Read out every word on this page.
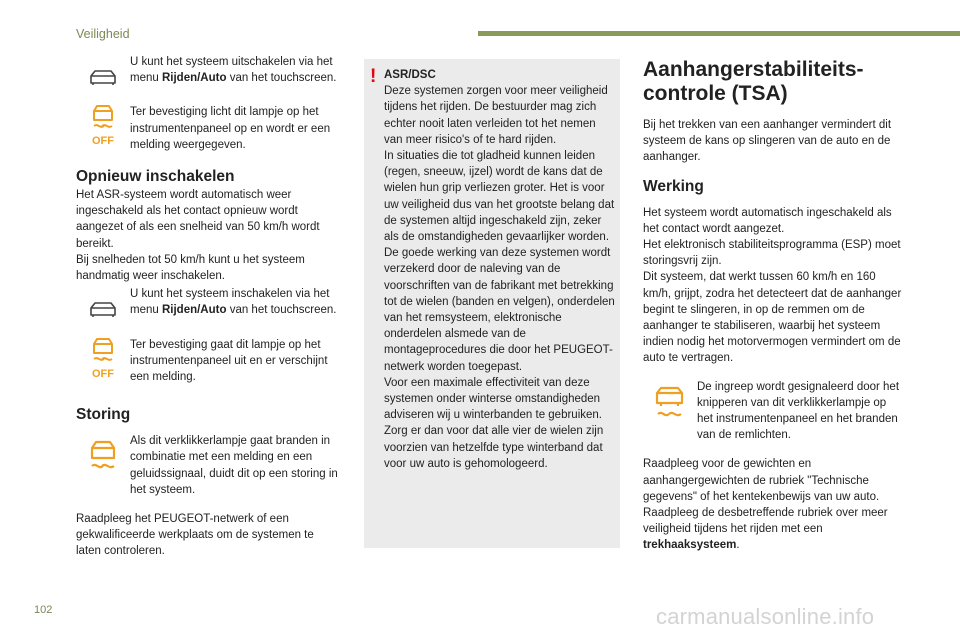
Veiligheid

U kunt het systeem uitschakelen via het menu Rijden/Auto van het touchscreen.

OFF

Ter bevestiging licht dit lampje op het instrumentenpaneel op en wordt er een melding weergegeven.

Opnieuw inschakelen

Het ASR-systeem wordt automatisch weer ingeschakeld als het contact opnieuw wordt aangezet of als een snelheid van 50 km/h wordt bereikt.
Bij snelheden tot 50 km/h kunt u het systeem handmatig weer inschakelen.

U kunt het systeem inschakelen via het menu Rijden/Auto van het touchscreen.

OFF

Ter bevestiging gaat dit lampje op het instrumentenpaneel uit en er verschijnt een melding.

Storing

Als dit verklikkerlampje gaat branden in combinatie met een melding en een geluidssignaal, duidt dit op een storing in het systeem.

Raadpleeg het PEUGEOT-netwerk of een gekwalificeerde werkplaats om de systemen te laten controleren.

! ASR/DSC

Deze systemen zorgen voor meer veiligheid tijdens het rijden. De bestuurder mag zich echter nooit laten verleiden tot het nemen van meer risico's of te hard rijden.
In situaties die tot gladheid kunnen leiden (regen, sneeuw, ijzel) wordt de kans dat de wielen hun grip verliezen groter. Het is voor uw veiligheid dus van het grootste belang dat de systemen altijd ingeschakeld zijn, zeker als de omstandigheden gevaarlijker worden.
De goede werking van deze systemen wordt verzekerd door de naleving van de voorschriften van de fabrikant met betrekking tot de wielen (banden en velgen), onderdelen van het remsysteem, elektronische onderdelen alsmede van de montageprocedures die door het PEUGEOT-netwerk worden toegepast.
Voor een maximale effectiviteit van deze systemen onder winterse omstandigheden adviseren wij u winterbanden te gebruiken.
Zorg er dan voor dat alle vier de wielen zijn voorzien van hetzelfde type winterband dat voor uw auto is gehomologeerd.

Aanhangerstabiliteits-
controle (TSA)

Bij het trekken van een aanhanger vermindert dit systeem de kans op slingeren van de auto en de aanhanger.

Werking

Het systeem wordt automatisch ingeschakeld als het contact wordt aangezet.
Het elektronisch stabiliteitsprogramma (ESP) moet storingsvrij zijn.
Dit systeem, dat werkt tussen 60 km/h en 160 km/h, grijpt, zodra het detecteert dat de aanhanger begint te slingeren, in op de remmen om de aanhanger te stabiliseren, waarbij het systeem indien nodig het motorvermogen vermindert om de auto te vertragen.

De ingreep wordt gesignaleerd door het knipperen van dit verklikkerlampje op het instrumentenpaneel en het branden van de remlichten.

Raadpleeg voor de gewichten en aanhangergewichten de rubriek "Technische gegevens" of het kentekenbewijs van uw auto.
Raadpleeg de desbetreffende rubriek over meer veiligheid tijdens het rijden met een trekhaaksysteem.

102	carmanualsonline.info
